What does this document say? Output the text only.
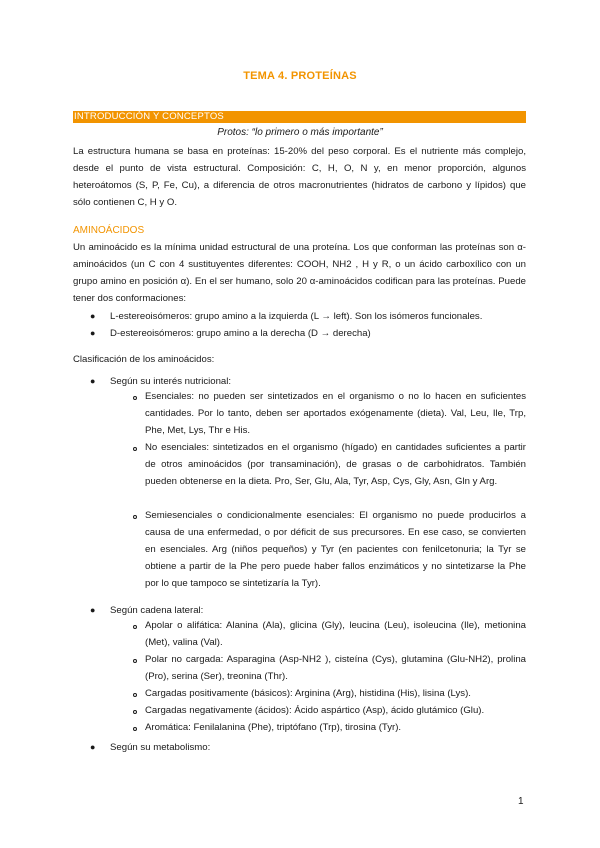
TEMA 4. PROTEÍNAS
INTRODUCCIÓN Y CONCEPTOS
Protos: “lo primero o más importante”
La estructura humana se basa en proteínas: 15-20% del peso corporal. Es el nutriente más complejo, desde el punto de vista estructural. Composición: C, H, O, N y, en menor proporción, algunos heteroátomos (S, P, Fe, Cu), a diferencia de otros macronutrientes (hidratos de carbono y lípidos) que sólo contienen C, H y O.
AMINOÁCIDOS
Un aminoácido es la mínima unidad estructural de una proteína. Los que conforman las proteínas son α-aminoácidos (un C con 4 sustituyentes diferentes: COOH, NH2 , H y R, o un ácido carboxílico con un grupo amino en posición α). En el ser humano, solo 20 α-aminoácidos codifican para las proteínas. Puede tener dos conformaciones:
● L-estereoisómeros: grupo amino a la izquierda (L → left). Son los isómeros funcionales.
● D-estereoisómeros: grupo amino a la derecha (D → derecha)
Clasificación de los aminoácidos:
● Según su interés nutricional:
Esenciales: no pueden ser sintetizados en el organismo o no lo hacen en suficientes cantidades. Por lo tanto, deben ser aportados exógenamente (dieta). Val, Leu, Ile, Trp, Phe, Met, Lys, Thr e His.
No esenciales: sintetizados en el organismo (hígado) en cantidades suficientes a partir de otros aminoácidos (por transaminación), de grasas o de carbohidratos. También pueden obtenerse en la dieta. Pro, Ser, Glu, Ala, Tyr, Asp, Cys, Gly, Asn, Gln y Arg.
Semiesenciales o condicionalmente esenciales: El organismo no puede producirlos a causa de una enfermedad, o por déficit de sus precursores. En ese caso, se convierten en esenciales. Arg (niños pequeños) y Tyr (en pacientes con fenilcetonuria; la Tyr se obtiene a partir de la Phe pero puede haber fallos enzimáticos y no sintetizarse la Phe por lo que tampoco se sintetizaría la Tyr).
● Según cadena lateral:
Apolar o alifática: Alanina (Ala), glicina (Gly), leucina (Leu), isoleucina (Ile), metionina (Met), valina (Val).
Polar no cargada: Asparagina (Asp-NH2 ), cisteína (Cys), glutamina (Glu-NH2), prolina (Pro), serina (Ser), treonina (Thr).
Cargadas positivamente (básicos): Arginina (Arg), histidina (His), lisina (Lys).
Cargadas negativamente (ácidos): Ácido aspártico (Asp), ácido glutámico (Glu).
Aromática: Fenilalanina (Phe), triptófano (Trp), tirosina (Tyr).
● Según su metabolismo:
1
